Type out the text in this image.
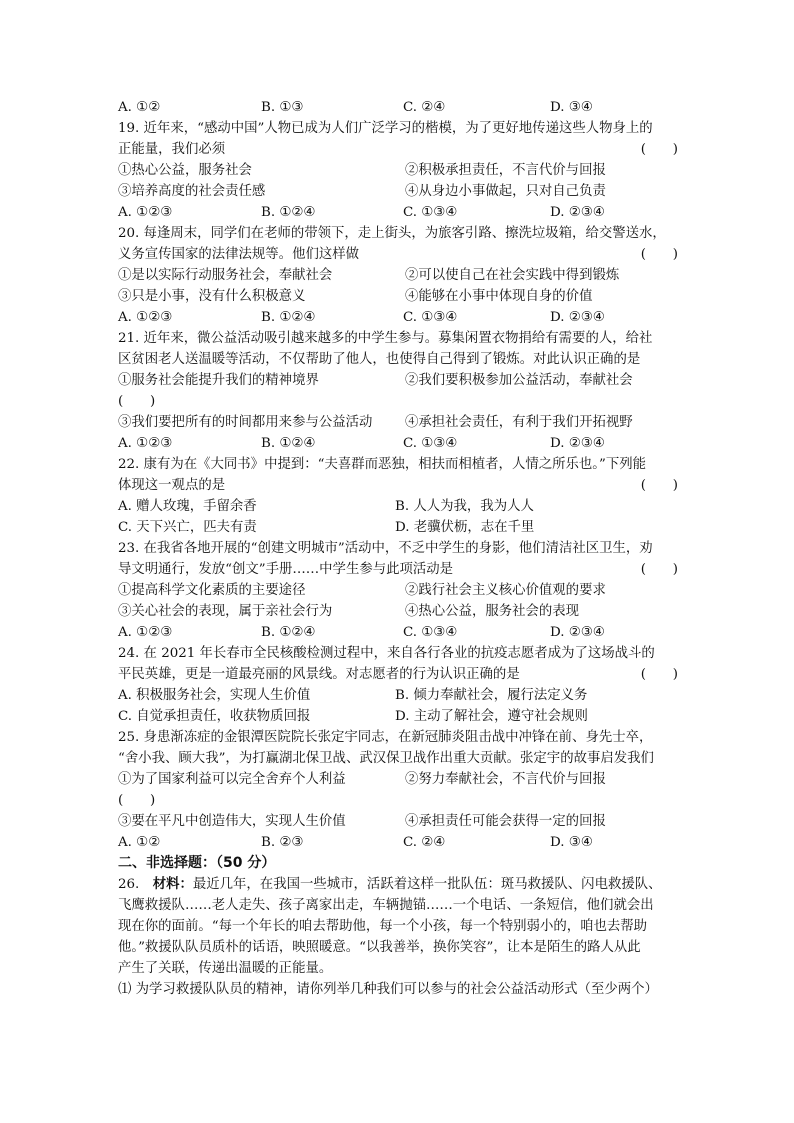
A. ①②	B. ①③	C. ②④	D. ③④
19. 近年来，“感动中国”人物已成为人们广泛学习的楷模，为了更好地传递这些人物身上的
正能量，我们必须	(　　)
①热心公益，服务社会	②积极承担责任，不言代价与回报
③培养高度的社会责任感	④从身边小事做起，只对自己负责
A. ①②③	B. ①②④	C. ①③④	D. ②③④
20. 每逢周末，同学们在老师的带领下，走上街头，为旅客引路、擦洗垃圾箱，给交警送水，
义务宣传国家的法律法规等。他们这样做	(　　)
①是以实际行动服务社会，奉献社会	②可以使自己在社会实践中得到锻炼
③只是小事，没有什么积极意义	④能够在小事中体现自身的价值
A. ①②③	B. ①②④	C. ①③④	D. ②③④
21. 近年来，微公益活动吸引越来越多的中学生参与。募集闲置衣物捐给有需要的人，给社
区贫困老人送温暖等活动，不仅帮助了他人，也使得自己得到了锻炼。对此认识正确的是
①服务社会能提升我们的精神境界	②我们要积极参加公益活动，奉献社会
(　　)
③我们要把所有的时间都用来参与公益活动 ④承担社会责任，有利于我们开拓视野
A. ①②③	B. ①②④	C. ①③④	D. ②③④
22. 康有为在《大同书》中提到：“夫喜群而恶独，相扶而相植者，人情之所乐也。”下列能
体现这一观点的是	(　　)
A. 赠人玫瑰，手留余香	B. 人人为我，我为人人
C. 天下兴亡，匹夫有责	D. 老骥伏枥，志在千里
23. 在我省各地开展的“创建文明城市”活动中，不乏中学生的身影，他们清洁社区卫生，劝
导文明通行，发放“创文”手册……中学生参与此项活动是	(　　)
①提高科学文化素质的主要途径	②践行社会主义核心价值观的要求
③关心社会的表现，属于亲社会行为	④热心公益，服务社会的表现
A. ①②③	B. ①②④	C. ①③④	D. ②③④
24. 在 2021 年长春市全民核酸检测过程中，来自各行各业的抗疫志愿者成为了这场战斗的
平民英雄，更是一道最亮丽的风景线。对志愿者的行为认识正确的是	(　　)
A. 积极服务社会，实现人生价值	B. 倾力奉献社会，履行法定义务
C. 自觉承担责任，收获物质回报	D. 主动了解社会，遵守社会规则
25. 身患渐冻症的金银潭医院院长张定宇同志，在新冠肺炎阻击战中冲锋在前、身先士卒，
“舍小我、顾大我”，为打赢湖北保卫战、武汉保卫战作出重大贡献。张定宇的故事启发我们
①为了国家利益可以完全舍弃个人利益	②努力奉献社会，不言代价与回报
(　　)
③要在平凡中创造伟大，实现人生价值	④承担责任可能会获得一定的回报
A. ①②	B. ②③	C. ②④	D. ③④
二、非选择题：（50 分）
26.　材料：最近几年，在我国一些城市，活跃着这样一批队伍：斑马救援队、闪电救援队、
飞鹰救援队……老人走失、孩子离家出走，车辆抛锚……一个电话、一条短信，他们就会出
现在你的面前。“每一个年长的咱去帮助他，每一个小孩，每一个特别弱小的，咱也去帮助
他。”救援队队员质朴的话语，映照暖意。“以我善举，换你笑容”，让本是陌生的路人从此
产生了关联，传递出温暖的正能量。
⑴ 为学习救援队队员的精神，请你列举几种我们可以参与的社会公益活动形式（至少两个）
